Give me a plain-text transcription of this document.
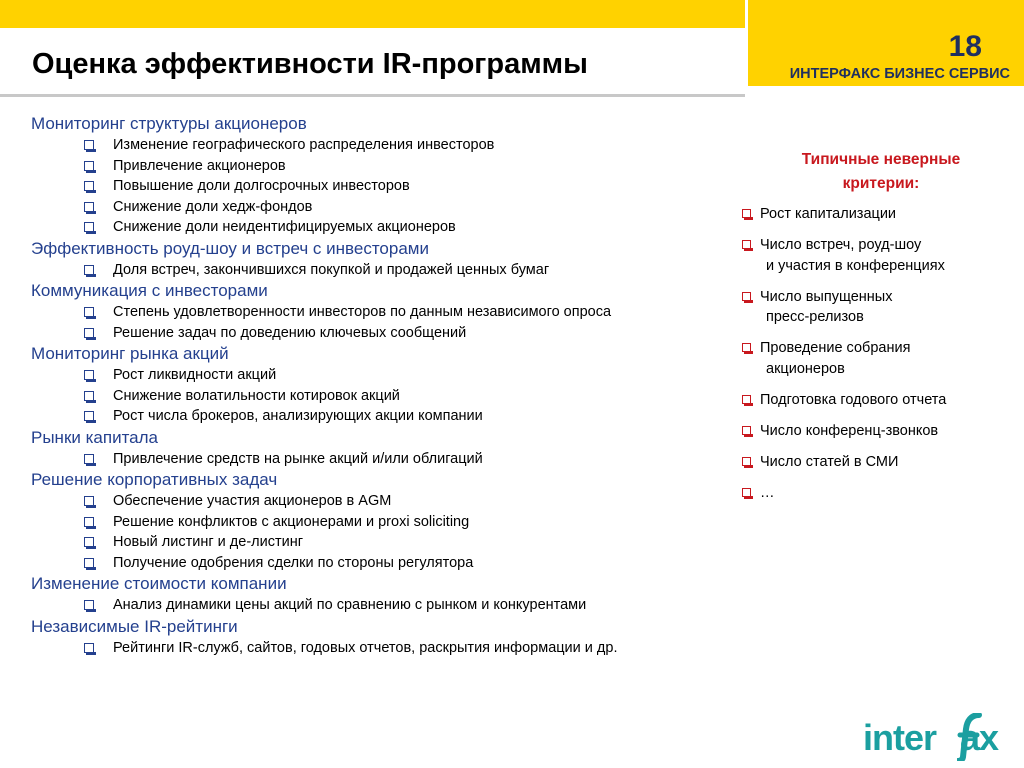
Оценка эффективности IR-программы
18
ИНТЕРФАКС БИЗНЕС СЕРВИС
Мониторинг структуры акционеров
Изменение географического распределения инвесторов
Привлечение акционеров
Повышение доли долгосрочных инвесторов
Снижение доли хедж-фондов
Снижение доли неидентифицируемых акционеров
Эффективность роуд-шоу и встреч с инвесторами
Доля встреч, закончившихся покупкой и продажей ценных бумаг
Коммуникация с инвесторами
Степень удовлетворенности инвесторов по данным независимого опроса
Решение задач по доведению ключевых сообщений
Мониторинг рынка акций
Рост ликвидности акций
Снижение волатильности котировок акций
Рост числа брокеров, анализирующих акции компании
Рынки капитала
Привлечение средств на рынке акций и/или облигаций
Решение корпоративных задач
Обеспечение участия акционеров в AGM
Решение конфликтов с акционерами и proxi soliciting
Новый листинг и де-листинг
Получение одобрения сделки по стороны регулятора
Изменение стоимости компании
Анализ динамики цены акций по сравнению с рынком и конкурентами
Независимые IR-рейтинги
Рейтинги IR-служб, сайтов, годовых отчетов, раскрытия информации и др.
Типичные неверные
критерии:
Рост капитализации
Число встреч, роуд-шоу
и участия в конференциях
Число выпущенных
пресс-релизов
Проведение собрания
акционеров
Подготовка годового отчета
Число конференц-звонков
Число статей в СМИ
…
inter ax
